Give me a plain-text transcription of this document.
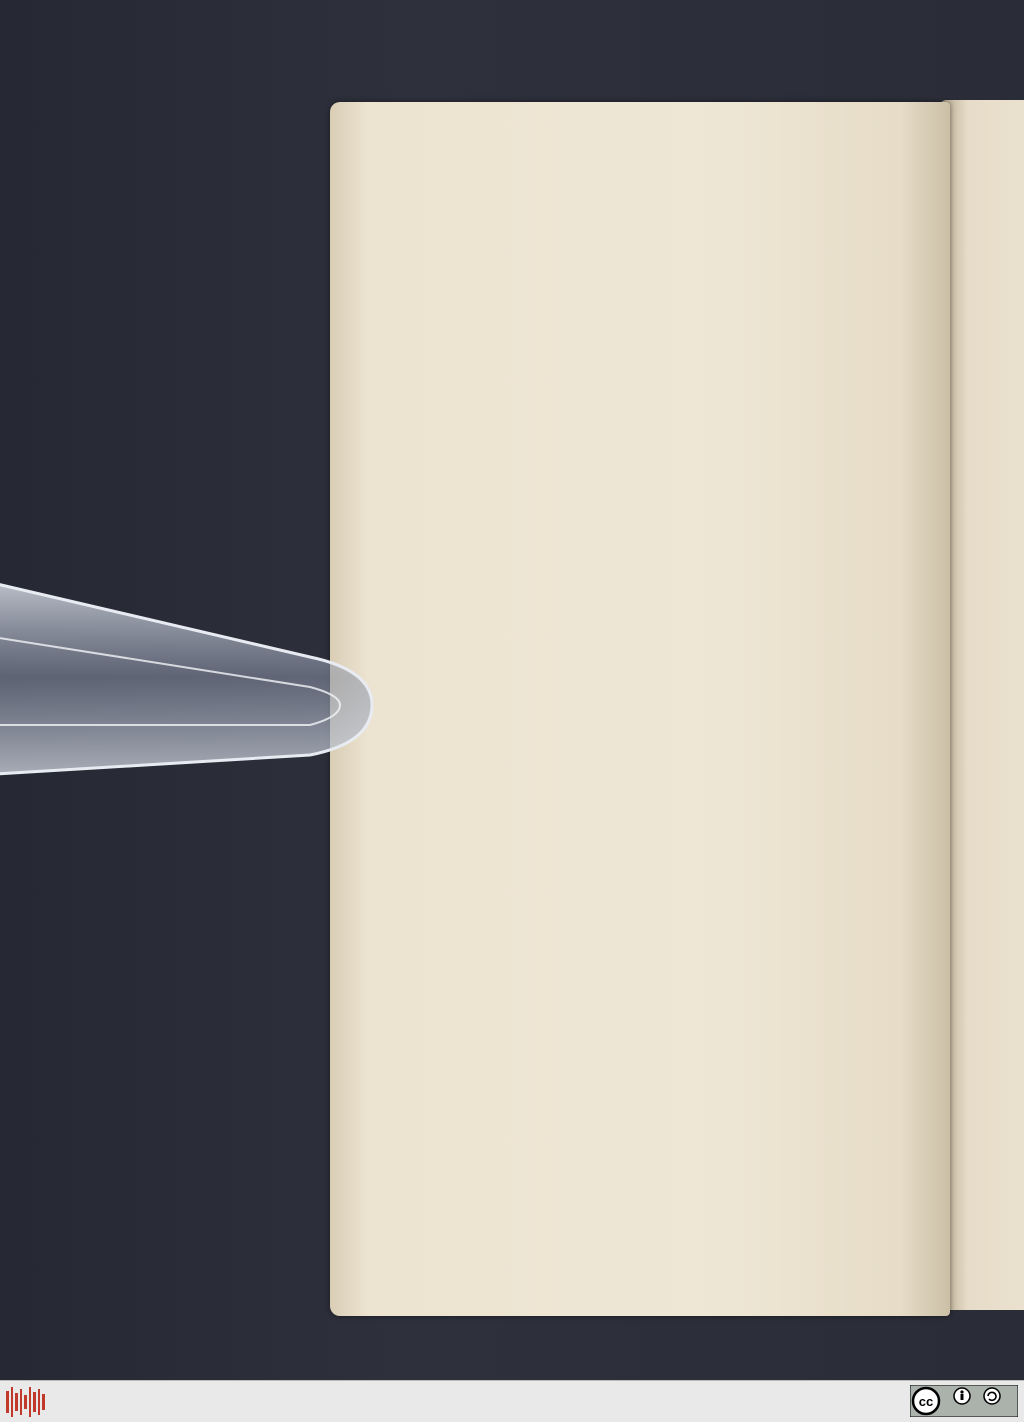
cc
